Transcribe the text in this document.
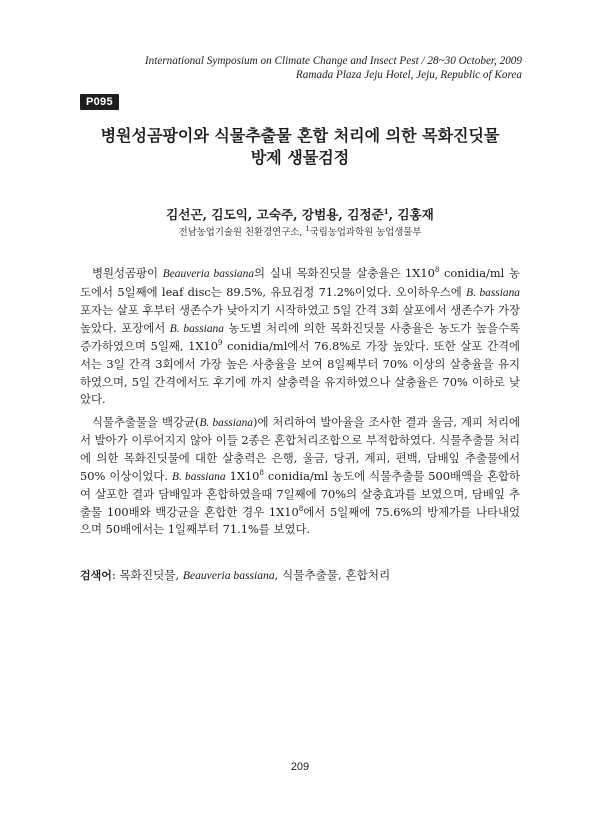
International Symposium on Climate Change and Insect Pest / 28~30 October, 2009
Ramada Plaza Jeju Hotel, Jeju, Republic of Korea
P095
병원성곰팡이와 식물추출물 혼합 처리에 의한 목화진딧물
방제 생물검정
김선곤, 김도익, 고숙주, 강범용, 김정준$^1$, 김홍재
전남농업기술원 친환경연구소, $^1$국립농업과학원 농업생물부

병원성곰팡이 Beauveria bassiana의 실내 목화진딧물 살충율은 $1X10^8$ conidia/ml 농도에서 5일째에 leaf disc는 89.5%, 유묘검정 71.2%이었다. 오이하우스에 B. bassiana 포자는 살포 후부터 생존수가 낮아지기 시작하였고 5일 간격 3회 살포에서 생존수가 가장 높았다. 포장에서 B. bassiana 농도별 처리에 의한 목화진딧물 사충율은 농도가 높을수록 증가하였으며 5일째, $1X10^9$ conidia/ml에서 76.8%로 가장 높았다. 또한 살포 간격에서는 3일 간격 3회에서 가장 높은 사충율을 보여 8일째부터 70% 이상의 살충율을 유지하였으며, 5일 간격에서도 후기에 까지 살충력을 유지하였으나 살충율은 70% 이하로 낮았다.

식물추출물을 백강균(B. bassiana)에 처리하여 발아율을 조사한 결과 울금, 계피 처리에서 발아가 이루어지지 않아 이들 2종은 혼합처리조합으로 부적합하였다. 식물추출물 처리에 의한 목화진딧물에 대한 살충력은 은행, 울금, 당귀, 계피, 편백, 담배잎 추출물에서 50% 이상이었다. B. bassiana $1X10^8$ conidia/ml 농도에 식물추출물 500배액을 혼합하여 살포한 결과 담배잎과 혼합하였을때 7일째에 70%의 살충효과를 보였으며, 담배잎 추출물 100배와 백강균을 혼합한 경우 $1X10^8$에서 5일째에 75.6%의 방제가를 나타내었으며 50배에서는 1일째부터 71.1%를 보였다.

검색어: 목화진딧물, Beauveria bassiana, 식물추출물, 혼합처리
209
